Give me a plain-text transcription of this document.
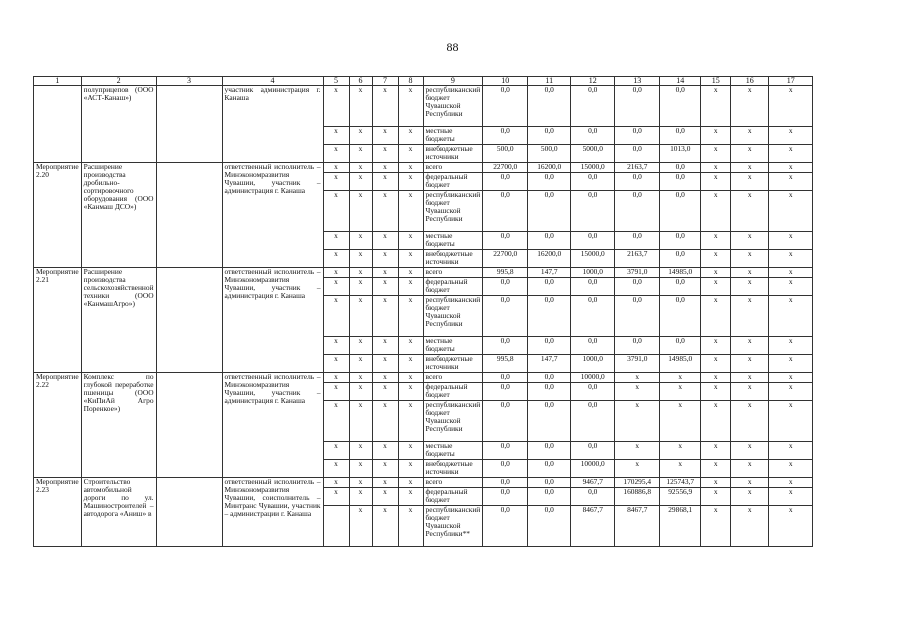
88
1	2	3	4	5	6	7	8	9	10	11	12	13	14	15	16	17
	полуприцепов (ООО «АСТ-Канаш»)		участник администрация г. Канаша	x	x	x	x	республиканский бюджет Чувашской Республики	0,0	0,0	0,0	0,0	0,0	x	x	x
				x	x	x	x	местные бюджеты	0,0	0,0	0,0	0,0	0,0	x	x	x
				x	x	x	x	внебюджетные источники	500,0	500,0	5000,0	0,0	1013,0	x	x	x
Мероприятие 2.20	Расширение производства дробильно-сортировочного оборудования (ООО «Канмаш ДСО»)		ответственный исполнитель – Минэкономразвития Чувашии, участник – администрация г. Канаша	x	x	x	x	всего	22700,0	16200,0	15000,0	2163,7	0,0	x	x	x
				x	x	x	x	федеральный бюджет	0,0	0,0	0,0	0,0	0,0	x	x	x
				x	x	x	x	республиканский бюджет Чувашской Республики	0,0	0,0	0,0	0,0	0,0	x	x	x
				x	x	x	x	местные бюджеты	0,0	0,0	0,0	0,0	0,0	x	x	x
				x	x	x	x	внебюджетные источники	22700,0	16200,0	15000,0	2163,7	0,0	x	x	x
Мероприятие 2.21	Расширение производства сельскохозяйственной техники (ООО «КанмашАгро»)		ответственный исполнитель – Минэкономразвития Чувашии, участник – администрация г. Канаша	x	x	x	x	всего	995,8	147,7	1000,0	3791,0	14985,0	x	x	x
				x	x	x	x	федеральный бюджет	0,0	0,0	0,0	0,0	0,0	x	x	x
				x	x	x	x	республиканский бюджет Чувашской Республики	0,0	0,0	0,0	0,0	0,0	x	x	x
				x	x	x	x	местные бюджеты	0,0	0,0	0,0	0,0	0,0	x	x	x
				x	x	x	x	внебюджетные источники	995,8	147,7	1000,0	3791,0	14985,0	x	x	x
Мероприятие 2.22	Комплекс по глубокой переработке пшеницы (ООО «КиПиАй Агро Поренкое»)		ответственный исполнитель – Минэкономразвития Чувашии, участник – администрация г. Канаша	x	x	x	x	всего	0,0	0,0	10000,0	x	x	x	x	x
				x	x	x	x	федеральный бюджет	0,0	0,0	0,0	x	x	x	x	x
				x	x	x	x	республиканский бюджет Чувашской Республики	0,0	0,0	0,0	x	x	x	x	x
				x	x	x	x	местные бюджеты	0,0	0,0	0,0	x	x	x	x	x
				x	x	x	x	внебюджетные источники	0,0	0,0	10000,0	x	x	x	x	x
Мероприятие 2.23	Строительство автомобильной дороги по ул. Машиностроителей – автодорога «Аниш» в		ответственный исполнитель – Минэкономразвития Чувашии, соисполнитель – Минтранс Чувашии, участник – администрации г. Канаша	x	x	x	x	всего	0,0	0,0	9467,7	170295,4	125743,7	x	x	x
				x	x	x	x	федеральный бюджет	0,0	0,0	0,0	160886,8	92556,9	x	x	x
					x	x	x	республиканский бюджет Чувашской Республики**	0,0	0,0	8467,7	8467,7	29868,1	x	x	x
